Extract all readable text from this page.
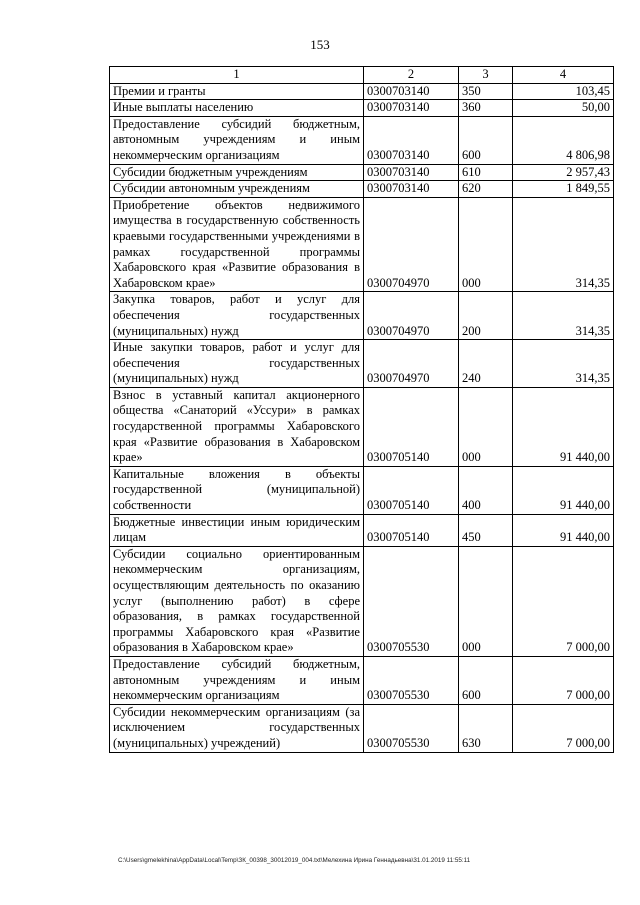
153
1	2	3	4
Премии и гранты	0300703140	350	103,45
Иные выплаты населению	0300703140	360	50,00
Предоставление субсидий бюджетным, автономным учреждениям и иным некоммерческим организациям	0300703140	600	4 806,98
Субсидии бюджетным учреждениям	0300703140	610	2 957,43
Субсидии автономным учреждениям	0300703140	620	1 849,55
Приобретение объектов недвижимого имущества в государственную собственность краевыми государственными учреждениями в рамках государственной программы Хабаровского края «Развитие образования в Хабаровском крае»	0300704970	000	314,35
Закупка товаров, работ и услуг для обеспечения государственных (муниципальных) нужд	0300704970	200	314,35
Иные закупки товаров, работ и услуг для обеспечения государственных (муниципальных) нужд	0300704970	240	314,35
Взнос в уставный капитал акционерного общества «Санаторий «Уссури» в рамках государственной программы Хабаровского края «Развитие образования в Хабаровском крае»	0300705140	000	91 440,00
Капитальные вложения в объекты государственной (муниципальной) собственности	0300705140	400	91 440,00
Бюджетные инвестиции иным юридическим лицам	0300705140	450	91 440,00
Субсидии социально ориентированным некоммерческим организациям, осуществляющим деятельность по оказанию услуг (выполнению работ) в сфере образования, в рамках государственной программы Хабаровского края «Развитие образования в Хабаровском крае»	0300705530	000	7 000,00
Предоставление субсидий бюджетным, автономным учреждениям и иным некоммерческим организациям	0300705530	600	7 000,00
Субсидии некоммерческим организациям (за исключением государственных (муниципальных) учреждений)	0300705530	630	7 000,00
C:\Users\gmelekhina\AppData\Local\Temp\ЗК_00398_30012019_004.txt\Мелехина Ирина Геннадьевна\31.01.2019 11:55:11
